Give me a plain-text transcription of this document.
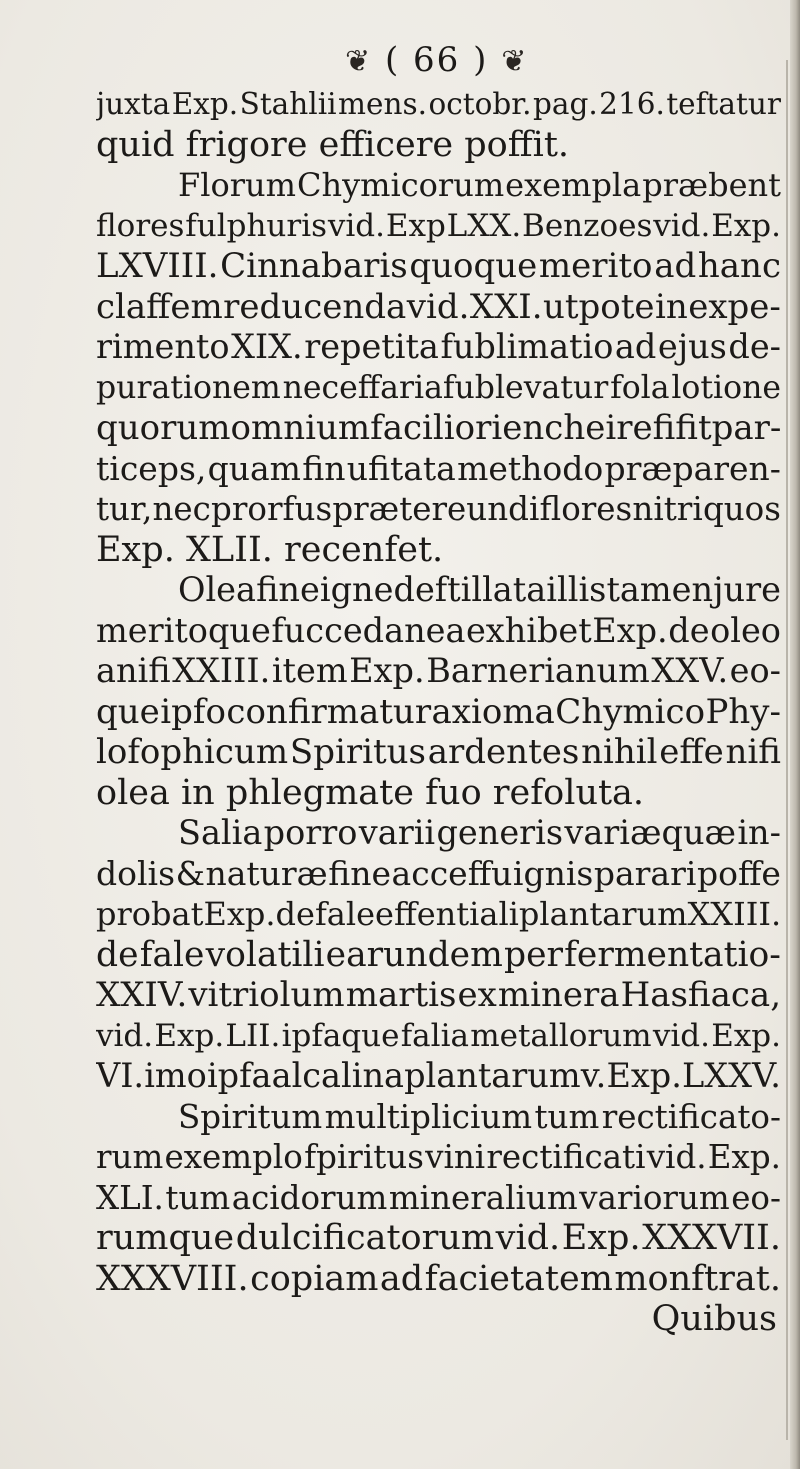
❦ ( 66 ) ❦
juxta Exp. Stahlii mens. octobr. pag. 216. teftatur
quid frigore efficere poffit.
Florum Chymicorum exempla præbent
flores fulphuris vid. Exp LXX. Benzoes vid. Exp.
LXVIII. Cinnabaris quoque merito ad hanc
claffem reducenda vid. XXI. utpote in expe-
rimento XIX. repetita fublimatio ad ejus de-
purationem neceffariafublevatur fola lotione
quorum omnium faciliori encheirefi fit par-
ticeps, quam fin ufitata methodo præparen-
tur, nec prorfus prætereundi flores nitri quos
Exp. XLII. recenfet.
Olea fine igne deftillata illis tamen jure
meritoque fuccedanea exhibet Exp. de oleo
anifi XXIII. item Exp. Barnerianum XXV. eo-
que ipfo confirmatur axioma Chymico Phy-
lofophicum Spiritus ardentes nihil effe nifi
olea in phlegmate fuo refoluta.
Salia porro varii generis variæquæ in-
dolis & naturæ fine acceffu ignis parari poffe
probat Exp. de fale effentiali plantarum XXIII.
de fale volatili earundem per fermentatio-
XXIV. vitriolum martis ex minera Hasfiaca,
vid. Exp. LII. ipfaque falia metallorum vid. Exp.
VI. imo ipfa alcalina plantarum v. Exp. LXXV.
Spiritum multiplicium tum rectificato-
rum exemplo fpiritus vini rectificati vid. Exp.
XLI. tum acidorum mineralium variorum eo-
rumque dulcificatorum vid. Exp. XXXVII.
XXXVIII. copiam ad facietatem monftrat.
Quibus
